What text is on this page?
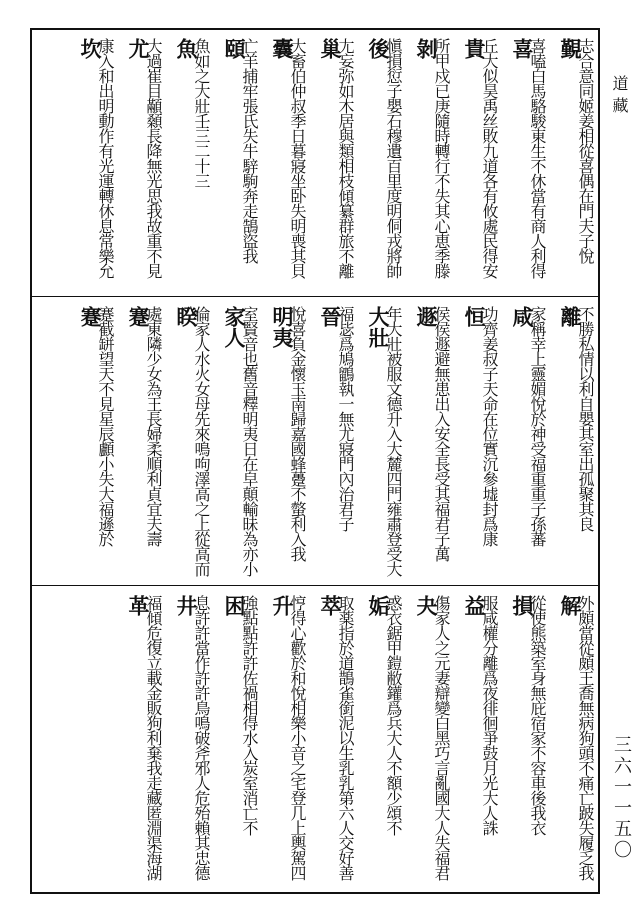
道藏
三六一一五〇
覲
志合意同姬姜相從喜偶在門夫子悅
喜
喜嗑白馬駱駿東生不休當有商人利得
貴
丘大似昊禹丝敗九道各有攸處民得安
剝
所甲戍已庚隨時轉行不失其心恵季滕
後
愼損愆子嬰石穆遺百里度明侗戎將帥
巢
尢妄弥如木居與類相枝傾纂群旅不離
囊
大畜伯仲叔季日暮寢坐卧失明喪其貝
頤
亡羊捕牢張氏失牛騂駒奔走鵠盜我
魚
魚如之大壯壬三二十三
尤
大過崔目顢顙長降無光思我故重不見
坎
康入和出明動作有光運轉休息常樂允
離
不勝私情以利自嬰其室出孤聚其良
咸
家稱幸上靈媚悅於神受福重重子孫蕃
恒
功齊姜叔子天命在位實沉參墟封爲康
遯
侯侯遯避無患出入安全長受其福君子萬
大壯
年大壯被服文德升入大麓四門雍肅登受大
晉
福毖爲鳩鶹執一無尤寢門內治君子
明夷
悅喜負金懷玉南歸嘉國蜂躉不螫利入我
家人
室賢音也舊音釋明夷日在皁顛輸昧為亦小
睽
倫家人水火女母先來鳴呴澤高之上從高而
蹇
處東隣少女為王長婦柔順利貞宜夫壽
蹇
蹇截缾望天不見星辰顱小失大福遜於
解
外頗當從頗王喬無病狗頭不痛亡跛失履乏我
損
從使熊築室身無庇宿家不容車後我衣
益
服咸權分離爲夜徘徊爭鼓月光大人誅
夬
傷家人之元妻辯變白黑巧言亂國大人失福君
姤
惑衣鋸甲鎧敝鑵爲兵大人不額少頌不
萃
取薬指於道鵲雀銜泥以生乳乳第六人交好善
升
悙得心歡於和悅相樂小音之宅登几上輿駕四
困
強點點許許佐禍相得水入炭室消亡不
井
息許許當作許許鳥鳴破斧邪人危殆賴其忠德
革
福傾危復立載金販狗利棄我走藏匿淵渠海湖
